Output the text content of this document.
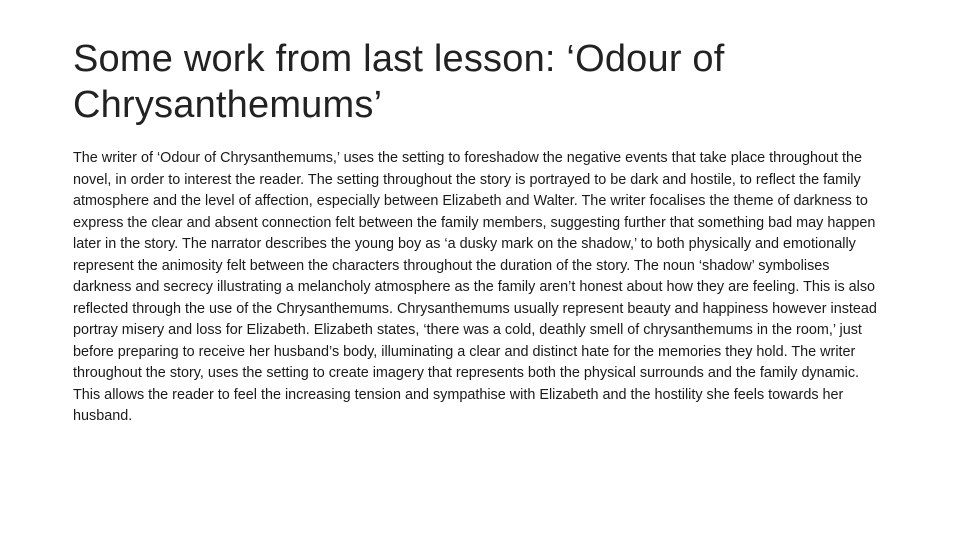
Some work from last lesson: ‘Odour of Chrysanthemums’

The writer of ‘Odour of Chrysanthemums,’ uses the setting to foreshadow the negative events that take place throughout the novel, in order to interest the reader. The setting throughout the story is portrayed to be dark and hostile, to reflect the family atmosphere and the level of affection, especially between Elizabeth and Walter. The writer focalises the theme of darkness to express the clear and absent connection felt between the family members, suggesting further that something bad may happen later in the story. The narrator describes the young boy as ‘a dusky mark on the shadow,’ to both physically and emotionally represent the animosity felt between the characters throughout the duration of the story. The noun ‘shadow’ symbolises darkness and secrecy illustrating a melancholy atmosphere as the family aren’t honest about how they are feeling. This is also reflected through the use of the Chrysanthemums. Chrysanthemums usually represent beauty and happiness however instead portray misery and loss for Elizabeth. Elizabeth states, ‘there was a cold, deathly smell of chrysanthemums in the room,’ just before preparing to receive her husband’s body, illuminating a clear and distinct hate for the memories they hold. The writer throughout the story, uses the setting to create imagery that represents both the physical surrounds and the family dynamic. This allows the reader to feel the increasing tension and sympathise with Elizabeth and the hostility she feels towards her husband.
